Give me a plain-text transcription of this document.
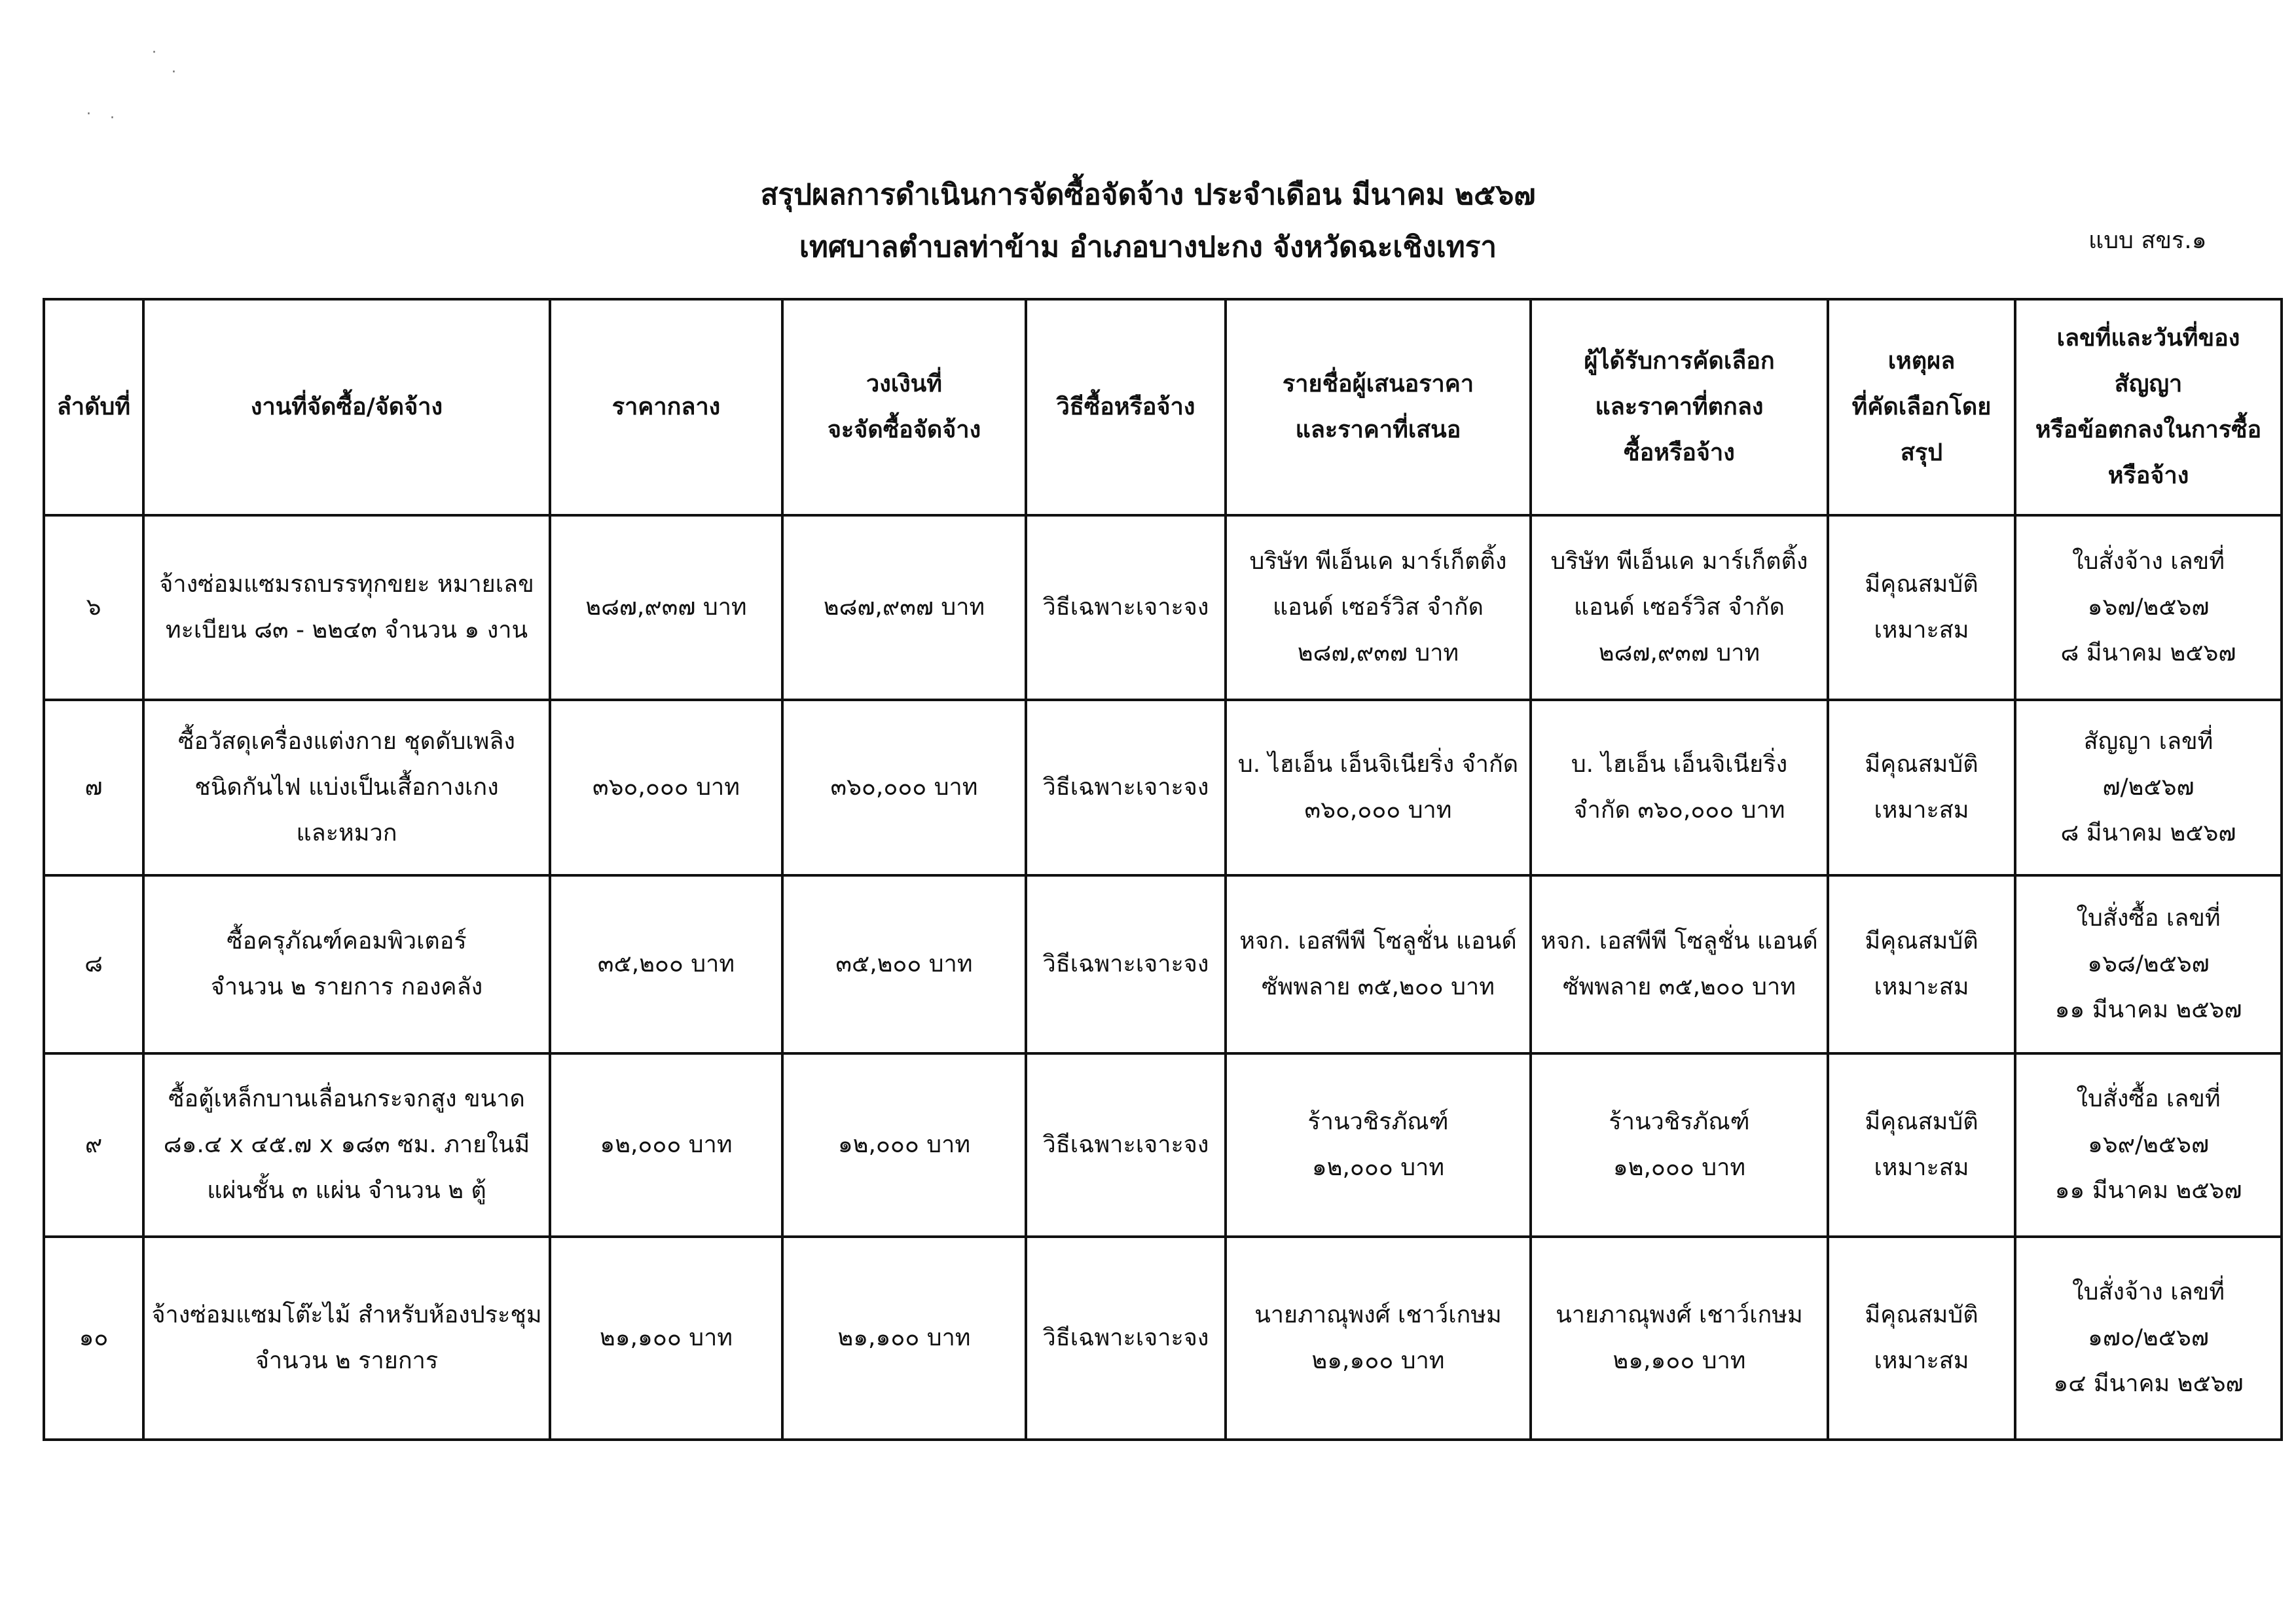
·
·
· ·
สรุปผลการดำเนินการจัดซื้อจัดจ้าง ประจำเดือน มีนาคม ๒๕๖๗
เทศบาลตำบลท่าข้าม อำเภอบางปะกง จังหวัดฉะเชิงเทรา	แบบ สขร.๑
ลำดับที่	งานที่จัดซื้อ/จัดจ้าง	ราคากลาง	วงเงินที่
จะจัดซื้อจัดจ้าง	วิธีซื้อหรือจ้าง	รายชื่อผู้เสนอราคา
และราคาที่เสนอ	ผู้ได้รับการคัดเลือก
และราคาที่ตกลง
ซื้อหรือจ้าง	เหตุผล
ที่คัดเลือกโดย
สรุป	เลขที่และวันที่ของ
สัญญา
หรือข้อตกลงในการซื้อ
หรือจ้าง

๖	จ้างซ่อมแซมรถบรรทุกขยะ หมายเลข
ทะเบียน ๘๓ - ๒๒๔๓ จำนวน ๑ งาน	๒๘๗,๙๓๗ บาท	๒๘๗,๙๓๗ บาท	วิธีเฉพาะเจาะจง	บริษัท พีเอ็นเค มาร์เก็ตติ้ง
แอนด์ เซอร์วิส จำกัด
๒๘๗,๙๓๗ บาท	บริษัท พีเอ็นเค มาร์เก็ตติ้ง
แอนด์ เซอร์วิส จำกัด
๒๘๗,๙๓๗ บาท	มีคุณสมบัติ
เหมาะสม	ใบสั่งจ้าง เลขที่
๑๖๗/๒๕๖๗
๘ มีนาคม ๒๕๖๗

๗	ซื้อวัสดุเครื่องแต่งกาย ชุดดับเพลิง
ชนิดกันไฟ แบ่งเป็นเสื้อกางเกง
และหมวก	๓๖๐,๐๐๐ บาท	๓๖๐,๐๐๐ บาท	วิธีเฉพาะเจาะจง	บ. ไฮเอ็น เอ็นจิเนียริ่ง จำกัด
๓๖๐,๐๐๐ บาท	บ. ไฮเอ็น เอ็นจิเนียริ่ง
จำกัด ๓๖๐,๐๐๐ บาท	มีคุณสมบัติ
เหมาะสม	สัญญา เลขที่
๗/๒๕๖๗
๘ มีนาคม ๒๕๖๗

๘	ซื้อครุภัณฑ์คอมพิวเตอร์
จำนวน ๒ รายการ กองคลัง	๓๕,๒๐๐ บาท	๓๕,๒๐๐ บาท	วิธีเฉพาะเจาะจง	หจก. เอสพีพี โซลูชั่น แอนด์
ซัพพลาย ๓๕,๒๐๐ บาท	หจก. เอสพีพี โซลูชั่น แอนด์
ซัพพลาย ๓๕,๒๐๐ บาท	มีคุณสมบัติ
เหมาะสม	ใบสั่งซื้อ เลขที่
๑๖๘/๒๕๖๗
๑๑ มีนาคม ๒๕๖๗

๙	ซื้อตู้เหล็กบานเลื่อนกระจกสูง ขนาด
๘๑.๔ x ๔๕.๗ x ๑๘๓ ซม. ภายในมี
แผ่นชั้น ๓ แผ่น จำนวน ๒ ตู้	๑๒,๐๐๐ บาท	๑๒,๐๐๐ บาท	วิธีเฉพาะเจาะจง	ร้านวชิรภัณฑ์
๑๒,๐๐๐ บาท	ร้านวชิรภัณฑ์
๑๒,๐๐๐ บาท	มีคุณสมบัติ
เหมาะสม	ใบสั่งซื้อ เลขที่
๑๖๙/๒๕๖๗
๑๑ มีนาคม ๒๕๖๗

๑๐	จ้างซ่อมแซมโต๊ะไม้ สำหรับห้องประชุม
จำนวน ๒ รายการ	๒๑,๑๐๐ บาท	๒๑,๑๐๐ บาท	วิธีเฉพาะเจาะจง	นายภาณุพงศ์ เชาว์เกษม
๒๑,๑๐๐ บาท	นายภาณุพงศ์ เชาว์เกษม
๒๑,๑๐๐ บาท	มีคุณสมบัติ
เหมาะสม	ใบสั่งจ้าง เลขที่
๑๗๐/๒๕๖๗
๑๔ มีนาคม ๒๕๖๗
